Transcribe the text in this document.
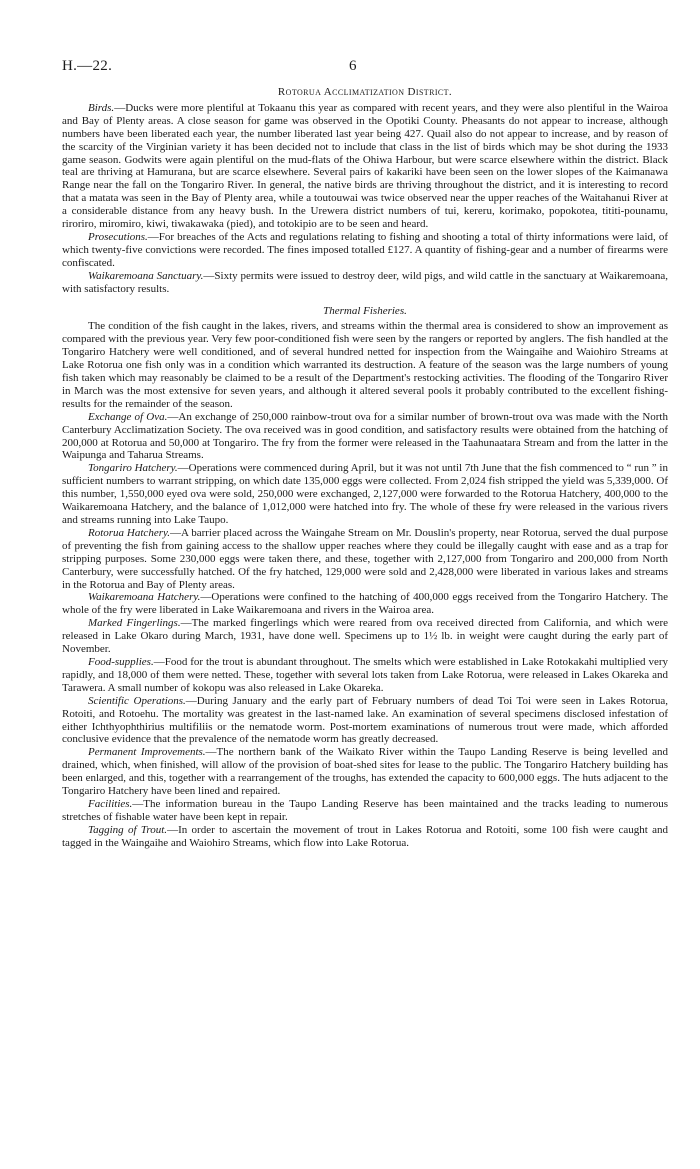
H.—22.	6
Rotorua Acclimatization District.

Birds.—Ducks were more plentiful at Tokaanu this year as compared with recent years, and they were also plentiful in the Wairoa and Bay of Plenty areas. A close season for game was observed in the Opotiki County. Pheasants do not appear to increase, although numbers have been liberated each year, the number liberated last year being 427. Quail also do not appear to increase, and by reason of the scarcity of the Virginian variety it has been decided not to include that class in the list of birds which may be shot during the 1933 game season. Godwits were again plentiful on the mud-flats of the Ohiwa Harbour, but were scarce elsewhere within the district. Black teal are thriving at Hamurana, but are scarce elsewhere. Several pairs of kakariki have been seen on the lower slopes of the Kaimanawa Range near the fall on the Tongariro River. In general, the native birds are thriving throughout the district, and it is interesting to record that a matata was seen in the Bay of Plenty area, while a toutouwai was twice observed near the upper reaches of the Waitahanui River at a considerable distance from any heavy bush. In the Urewera district numbers of tui, kereru, korimako, popokotea, tititi-pounamu, riroriro, miromiro, kiwi, tiwakawaka (pied), and totokipio are to be seen and heard.

Prosecutions.—For breaches of the Acts and regulations relating to fishing and shooting a total of thirty informations were laid, of which twenty-five convictions were recorded. The fines imposed totalled £127. A quantity of fishing-gear and a number of firearms were confiscated.

Waikaremoana Sanctuary.—Sixty permits were issued to destroy deer, wild pigs, and wild cattle in the sanctuary at Waikaremoana, with satisfactory results.

Thermal Fisheries.

The condition of the fish caught in the lakes, rivers, and streams within the thermal area is considered to show an improvement as compared with the previous year. Very few poor-conditioned fish were seen by the rangers or reported by anglers. The fish handled at the Tongariro Hatchery were well conditioned, and of several hundred netted for inspection from the Waingaihe and Waiohiro Streams at Lake Rotorua one fish only was in a condition which warranted its destruction. A feature of the season was the large numbers of young fish taken which may reasonably be claimed to be a result of the Department's restocking activities. The flooding of the Tongariro River in March was the most extensive for seven years, and although it altered several pools it probably contributed to the excellent fishing-results for the remainder of the season.

Exchange of Ova.—An exchange of 250,000 rainbow-trout ova for a similar number of brown-trout ova was made with the North Canterbury Acclimatization Society. The ova received was in good condition, and satisfactory results were obtained from the hatching of 200,000 at Rotorua and 50,000 at Tongariro. The fry from the former were released in the Taahunaatara Stream and from the latter in the Waipunga and Taharua Streams.

Tongariro Hatchery.—Operations were commenced during April, but it was not until 7th June that the fish commenced to “ run ” in sufficient numbers to warrant stripping, on which date 135,000 eggs were collected. From 2,024 fish stripped the yield was 5,339,000. Of this number, 1,550,000 eyed ova were sold, 250,000 were exchanged, 2,127,000 were forwarded to the Rotorua Hatchery, 400,000 to the Waikaremoana Hatchery, and the balance of 1,012,000 were hatched into fry. The whole of these fry were released in the various rivers and streams running into Lake Taupo.

Rotorua Hatchery.—A barrier placed across the Waingahe Stream on Mr. Douslin's property, near Rotorua, served the dual purpose of preventing the fish from gaining access to the shallow upper reaches where they could be illegally caught with ease and as a trap for stripping purposes. Some 230,000 eggs were taken there, and these, together with 2,127,000 from Tongariro and 200,000 from North Canterbury, were successfully hatched. Of the fry hatched, 129,000 were sold and 2,428,000 were liberated in various lakes and streams in the Rotorua and Bay of Plenty areas.

Waikaremoana Hatchery.—Operations were confined to the hatching of 400,000 eggs received from the Tongariro Hatchery. The whole of the fry were liberated in Lake Waikaremoana and rivers in the Wairoa area.

Marked Fingerlings.—The marked fingerlings which were reared from ova received directed from California, and which were released in Lake Okaro during March, 1931, have done well. Specimens up to 1½ lb. in weight were caught during the early part of November.

Food-supplies.—Food for the trout is abundant throughout. The smelts which were established in Lake Rotokakahi multiplied very rapidly, and 18,000 of them were netted. These, together with several lots taken from Lake Rotorua, were released in Lakes Okareka and Tarawera. A small number of kokopu was also released in Lake Okareka.

Scientific Operations.—During January and the early part of February numbers of dead Toi Toi were seen in Lakes Rotorua, Rotoiti, and Rotoehu. The mortality was greatest in the last-named lake. An examination of several specimens disclosed infestation of either Ichthyophthirius multifiliis or the nematode worm. Post-mortem examinations of numerous trout were made, which afforded conclusive evidence that the prevalence of the nematode worm has greatly decreased.

Permanent Improvements.—The northern bank of the Waikato River within the Taupo Landing Reserve is being levelled and drained, which, when finished, will allow of the provision of boat-shed sites for lease to the public. The Tongariro Hatchery building has been enlarged, and this, together with a rearrangement of the troughs, has extended the capacity to 600,000 eggs. The huts adjacent to the Tongariro Hatchery have been lined and repaired.

Facilities.—The information bureau in the Taupo Landing Reserve has been maintained and the tracks leading to numerous stretches of fishable water have been kept in repair.

Tagging of Trout.—In order to ascertain the movement of trout in Lakes Rotorua and Rotoiti, some 100 fish were caught and tagged in the Waingaihe and Waiohiro Streams, which flow into Lake Rotorua.
